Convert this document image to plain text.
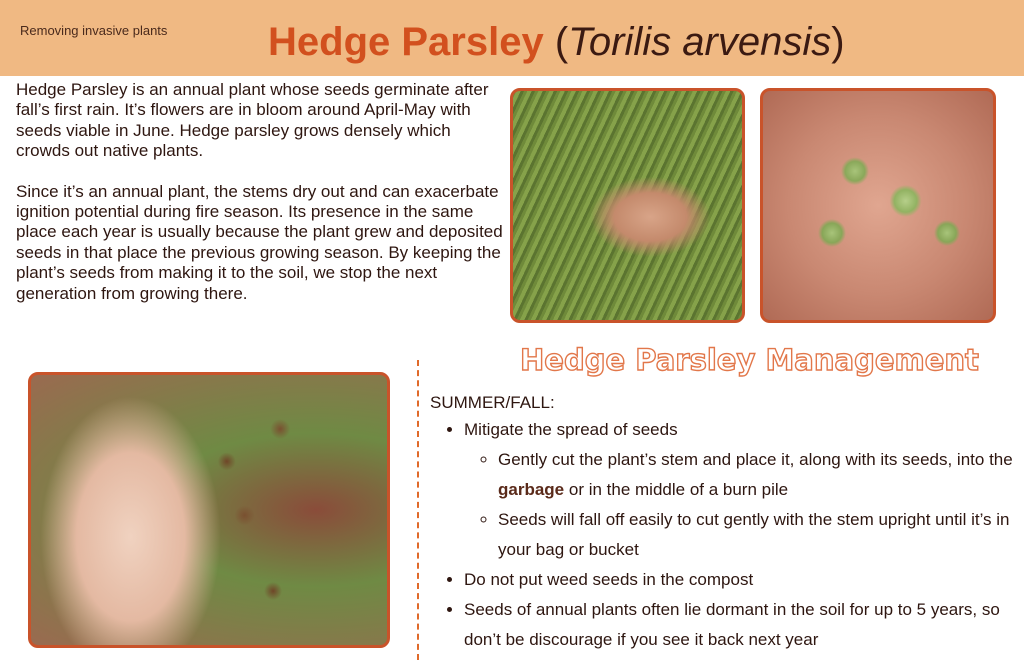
Removing invasive plants	Hedge Parsley (Torilis arvensis)

Hedge Parsley is an annual plant whose seeds germinate after fall’s first rain. It’s flowers are in bloom around April-May with seeds viable in June. Hedge parsley grows densely which crowds out native plants.

Since it’s an annual plant, the stems dry out and can exacerbate ignition potential during fire season. Its presence in the same place each year is usually because the plant grew and deposited seeds in that place the previous growing season. By keeping the plant’s seeds from making it to the soil, we stop the next generation from growing there.

Hedge Parsley Management
SUMMER/FALL:
• Mitigate the spread of seeds
◦ Gently cut the plant’s stem and place it, along with its seeds, into the garbage or in the middle of a burn pile
◦ Seeds will fall off easily to cut gently with the stem upright until it’s in your bag or bucket
• Do not put weed seeds in the compost
• Seeds of annual plants often lie dormant in the soil for up to 5 years, so don’t be discourage if you see it back next year
